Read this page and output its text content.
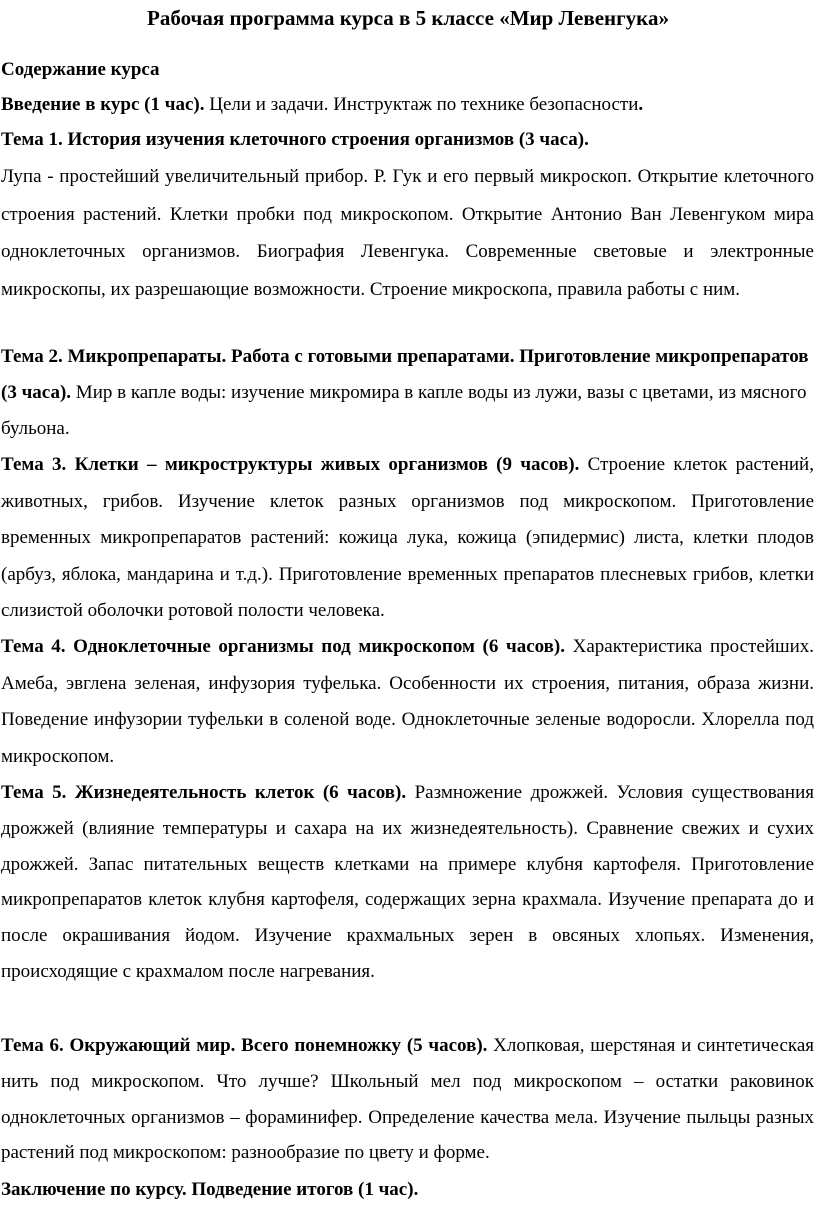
Рабочая программа курса в 5 классе «Мир Левенгука»

Содержание курса

Введение в курс (1 час). Цели и задачи. Инструктаж по технике безопасности.

Тема 1. История изучения клеточного строения организмов (3 часа).

Лупа - простейший увеличительный прибор. Р. Гук и его первый микроскоп. Открытие клеточного строения растений. Клетки пробки под микроскопом. Открытие Антонио Ван Левенгуком мира одноклеточных организмов. Биография Левенгука. Современные световые и электронные микроскопы, их разрешающие возможности. Строение микроскопа, правила работы с ним.

Тема 2. Микропрепараты. Работа с готовыми препаратами. Приготовление микропрепаратов (3 часа). Мир в капле воды: изучение микромира в капле воды из лужи, вазы с цветами, из мясного бульона.

Тема 3. Клетки – микроструктуры живых организмов (9 часов). Строение клеток растений, животных, грибов. Изучение клеток разных организмов под микроскопом. Приготовление временных микропрепаратов растений: кожица лука, кожица (эпидермис) листа, клетки плодов (арбуз, яблока, мандарина и т.д.). Приготовление временных препаратов плесневых грибов, клетки слизистой оболочки ротовой полости человека.

Тема 4. Одноклеточные организмы под микроскопом (6 часов). Характеристика простейших. Амеба, эвглена зеленая, инфузория туфелька. Особенности их строения, питания, образа жизни. Поведение инфузории туфельки в соленой воде. Одноклеточные зеленые водоросли. Хлорелла под микроскопом.

Тема 5. Жизнедеятельность клеток (6 часов). Размножение дрожжей. Условия существования дрожжей (влияние температуры и сахара на их жизнедеятельность). Сравнение свежих и сухих дрожжей. Запас питательных веществ клетками на примере клубня картофеля. Приготовление микропрепаратов клеток клубня картофеля, содержащих зерна крахмала. Изучение препарата до и после окрашивания йодом. Изучение крахмальных зерен в овсяных хлопьях. Изменения, происходящие с крахмалом после нагревания.

Тема 6. Окружающий мир. Всего понемножку (5 часов). Хлопковая, шерстяная и синтетическая нить под микроскопом. Что лучше? Школьный мел под микроскопом – остатки раковинок одноклеточных организмов – фораминифер. Определение качества мела. Изучение пыльцы разных растений под микроскопом: разнообразие по цвету и форме.

Заключение по курсу. Подведение итогов (1 час).
